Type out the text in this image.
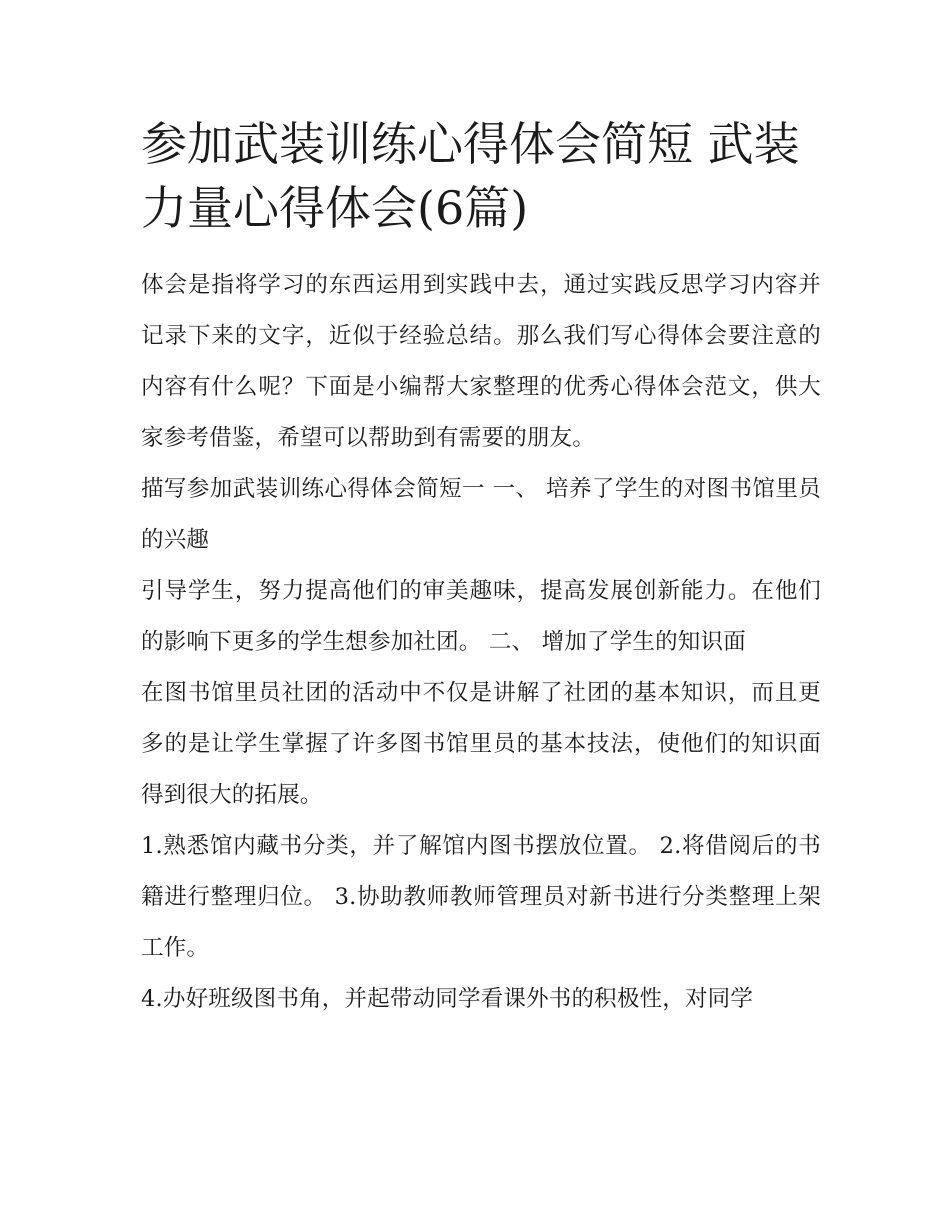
参加武装训练心得体会简短 武装力量心得体会(6篇)

体会是指将学习的东西运用到实践中去，通过实践反思学习内容并记录下来的文字，近似于经验总结。那么我们写心得体会要注意的内容有什么呢？下面是小编帮大家整理的优秀心得体会范文，供大家参考借鉴，希望可以帮助到有需要的朋友。

描写参加武装训练心得体会简短一 一、 培养了学生的对图书馆里员的兴趣

引导学生，努力提高他们的审美趣味，提高发展创新能力。在他们的影响下更多的学生想参加社团。 二、 增加了学生的知识面

在图书馆里员社团的活动中不仅是讲解了社团的基本知识，而且更多的是让学生掌握了许多图书馆里员的基本技法，使他们的知识面得到很大的拓展。

1.熟悉馆内藏书分类，并了解馆内图书摆放位置。 2.将借阅后的书籍进行整理归位。 3.协助教师教师管理员对新书进行分类整理上架工作。

4.办好班级图书角，并起带动同学看课外书的积极性，对同学
